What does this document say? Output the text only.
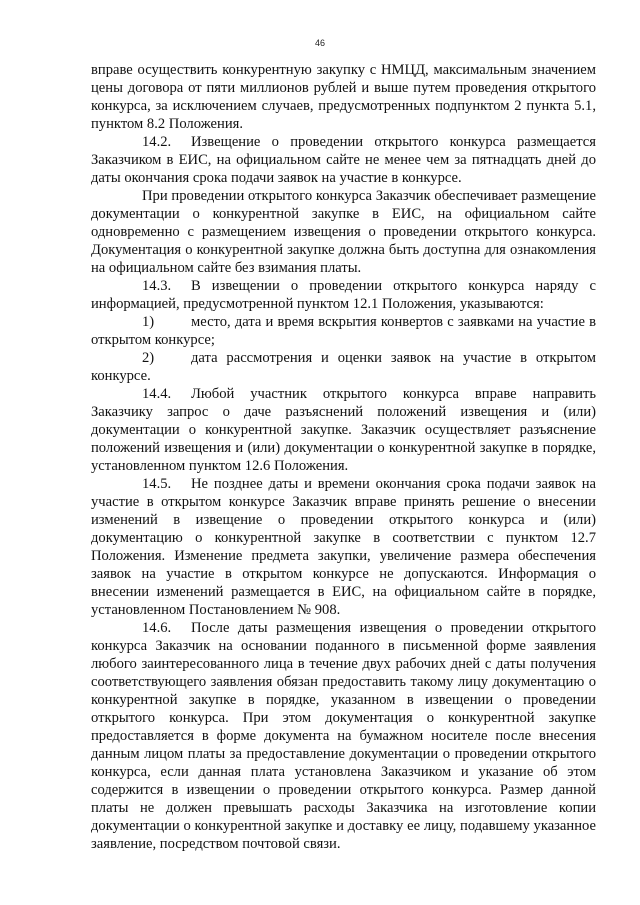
46

вправе осуществить конкурентную закупку с НМЦД, максимальным значением цены договора от пяти миллионов рублей и выше путем проведения открытого конкурса, за исключением случаев, предусмотренных подпунктом 2 пункта 5.1, пунктом 8.2 Положения.

14.2. Извещение о проведении открытого конкурса размещается Заказчиком в ЕИС, на официальном сайте не менее чем за пятнадцать дней до даты окончания срока подачи заявок на участие в конкурсе.

При проведении открытого конкурса Заказчик обеспечивает размещение документации о конкурентной закупке в ЕИС, на официальном сайте одновременно с размещением извещения о проведении открытого конкурса. Документация о конкурентной закупке должна быть доступна для ознакомления на официальном сайте без взимания платы.

14.3. В извещении о проведении открытого конкурса наряду с информацией, предусмотренной пунктом 12.1 Положения, указываются:

1)	место, дата и время вскрытия конвертов с заявками на участие в открытом конкурсе;

2)	дата рассмотрения и оценки заявок на участие в открытом конкурсе.

14.4. Любой участник открытого конкурса вправе направить Заказчику запрос о даче разъяснений положений извещения и (или) документации о конкурентной закупке. Заказчик осуществляет разъяснение положений извещения и (или) документации о конкурентной закупке в порядке, установленном пунктом 12.6 Положения.

14.5. Не позднее даты и времени окончания срока подачи заявок на участие в открытом конкурсе Заказчик вправе принять решение о внесении изменений в извещение о проведении открытого конкурса и (или) документацию о конкурентной закупке в соответствии с пунктом 12.7 Положения. Изменение предмета закупки, увеличение размера обеспечения заявок на участие в открытом конкурсе не допускаются. Информация о внесении изменений размещается в ЕИС, на официальном сайте в порядке, установленном Постановлением № 908.

14.6. После даты размещения извещения о проведении открытого конкурса Заказчик на основании поданного в письменной форме заявления любого заинтересованного лица в течение двух рабочих дней с даты получения соответствующего заявления обязан предоставить такому лицу документацию о конкурентной закупке в порядке, указанном в извещении о проведении открытого конкурса. При этом документация о конкурентной закупке предоставляется в форме документа на бумажном носителе после внесения данным лицом платы за предоставление документации о проведении открытого конкурса, если данная плата установлена Заказчиком и указание об этом содержится в извещении о проведении открытого конкурса. Размер данной платы не должен превышать расходы Заказчика на изготовление копии документации о конкурентной закупке и доставку ее лицу, подавшему указанное заявление, посредством почтовой связи.
